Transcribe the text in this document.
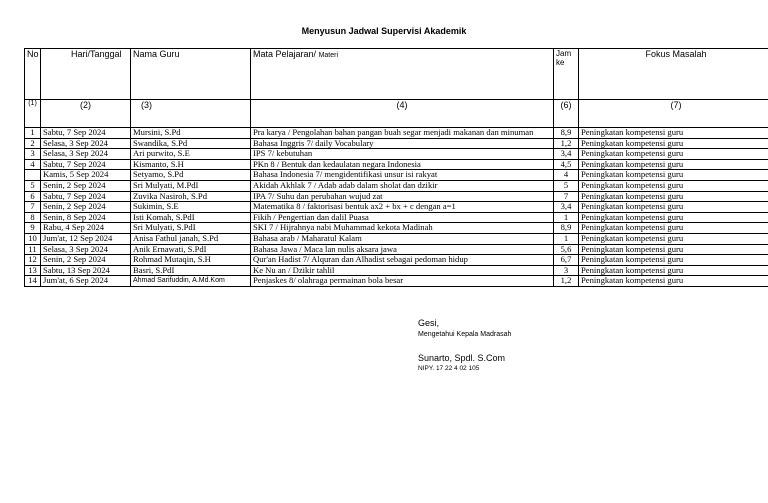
Menyusun Jadwal Supervisi Akademik
No	Hari/Tanggal	Nama Guru	Mata Pelajaran/ Materi	Jam ke	Fokus Masalah
(1)	(2)	(3)	(4)	(6)	(7)
1	Sabtu, 7 Sep 2024	Mursini, S.Pd	Pra karya / Pengolahan bahan pangan buah segar menjadi makanan dan minuman	8,9	Peningkatan kompetensi guru
2	Selasa, 3 Sep 2024	Swandika, S.Pd	Bahasa Inggris 7/ daily Vocabulary	1,2	Peningkatan kompetensi guru
3	Selasa, 3 Sep 2024	Ari purwito, S.E	IPS 7/ kebutuhan	3,4	Peningkatan kompetensi guru
4	Sabtu, 7 Sep 2024	Kismanto, S.H	PKn 8 / Bentuk dan kedaulatan negara Indonesia	4,5	Peningkatan kompetensi guru
	Kamis, 5 Sep 2024	Setyamo, S.Pd	Bahasa Indonesia 7/ mengidentifikasi unsur isi rakyat	4	Peningkatan kompetensi guru
5	Senin, 2 Sep 2024	Sri Mulyati, M.PdI	Akidah Akhlak 7 / Adab adab dalam sholat dan dzikir	5	Peningkatan kompetensi guru
6	Sabtu, 7 Sep 2024	Zuvika Nasiroh, S.Pd	IPA 7/ Suhu dan perubahan wujud zat	7	Peningkatan kompetensi guru
7	Senin, 2 Sep 2024	Sukimin, S.E	Matematika 8 / faktorisasi bentuk ax2 + bx + c dengan a=1	3,4	Peningkatan kompetensi guru
8	Senin, 8 Sep 2024	Isti Komah, S.PdI	Fikih / Pengertian dan dalil Puasa	1	Peningkatan kompetensi guru
9	Rabu, 4 Sep 2024	Sri Mulyati, S.PdI	SKI 7 / Hijrahnya nabi Muhammad kekota Madinah	8,9	Peningkatan kompetensi guru
10	Jum'at, 12 Sep 2024	Anisa Fathul janah, S.Pd	Bahasa arab / Maharatul Kalam	1	Peningkatan kompetensi guru
11	Selasa, 3 Sep 2024	Anik Ernawati, S.PdI	Bahasa Jawa / Maca lan nulis aksara jawa	5,6	Peningkatan kompetensi guru
12	Senin, 2 Sep 2024	Rohmad Mutaqin, S.H	Qur'an Hadist 7/ Alquran dan Alhadist sebagai pedoman hidup	6,7	Peningkatan kompetensi guru
13	Sabtu, 13 Sep 2024	Basri, S.PdI	Ke Nu an / Dzikir tahlil	3	Peningkatan kompetensi guru
14	Jum'at, 6 Sep 2024	Ahmad Sarifuddin, A.Md.Kom	Penjaskes 8/ olahraga permainan bola besar	1,2	Peningkatan kompetensi guru
Gesi,
Mengetahui Kepala Madrasah
Sunarto, Spdl. S.Com
NIPY. 17 22 4 02 105
